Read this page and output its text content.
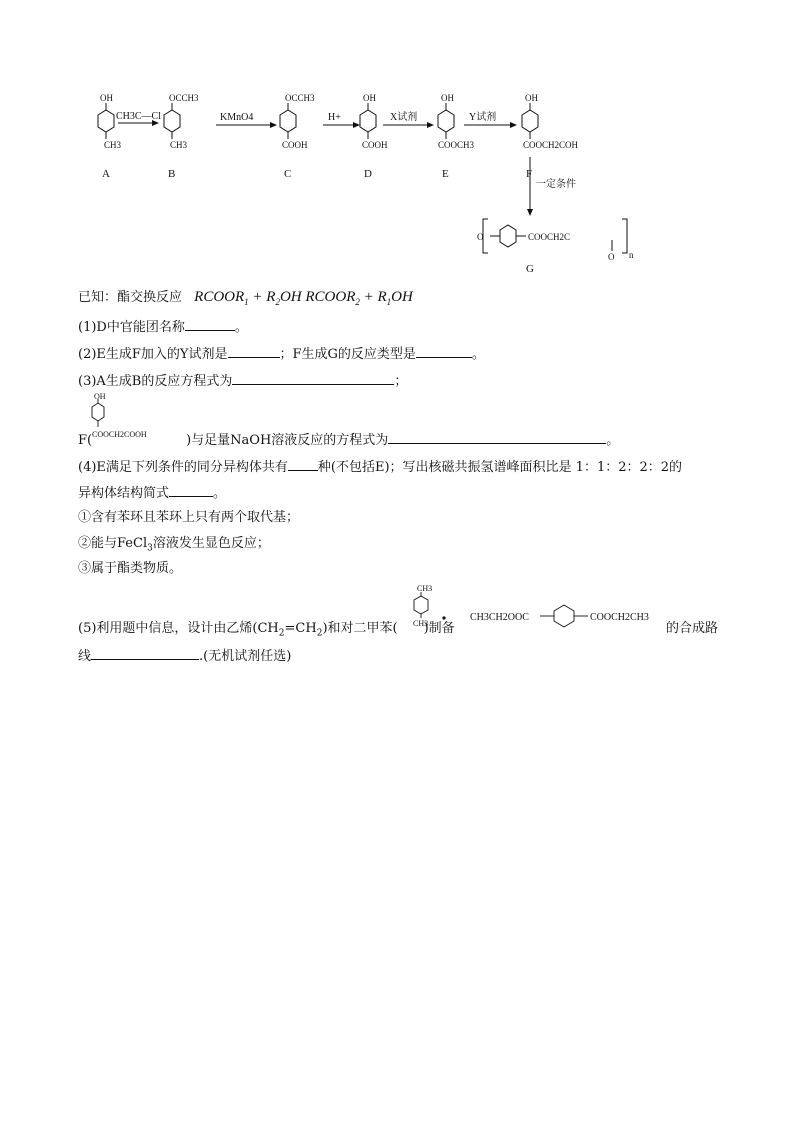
CH3C—Cl	KMnO4	H+	X试剂	Y试剂
一定条件
OH
CH3
OCCH3
CH3
OCCH3
COOH
OH
COOH
OH
COOCH3
OH
COOCH2COH
O	COOCH2C
O n
A	B	C	D	E	F
G
已知：酯交换反应 $RCOOR_1 + R_2OH$ $RCOOR_2 + R_1OH$
(1)D中官能团名称	。
(2)E生成F加入的Y试剂是	；F生成G的反应类型是	。
(3)A生成B的反应方程式为	；
OH
COOCH2COOH
F(	)与足量NaOH溶液反应的方程式为	。
(4)E满足下列条件的同分异构体共有 种(不包括E)；写出核磁共振氢谱峰面积比是 1：1：2：2：2的
异构体结构简式	。
①含有苯环且苯环上只有两个取代基；
②能与FeCl$_3$溶液发生显色反应；
③属于酯类物质。
CH3
CH3
CH3CH2OOC	COOCH2CH3
(5)利用题中信息，设计由乙烯$(CH_2=CH_2)$和对二甲苯( )制备	的合成路
线	.(无机试剂任选)
